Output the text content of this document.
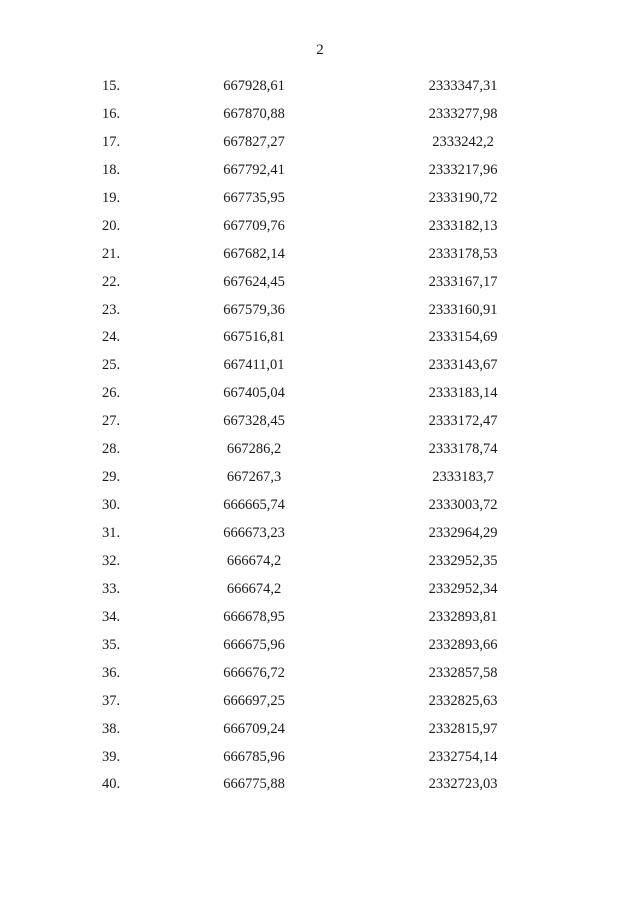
2
15.	667928,61	2333347,31
16.	667870,88	2333277,98
17.	667827,27	2333242,2
18.	667792,41	2333217,96
19.	667735,95	2333190,72
20.	667709,76	2333182,13
21.	667682,14	2333178,53
22.	667624,45	2333167,17
23.	667579,36	2333160,91
24.	667516,81	2333154,69
25.	667411,01	2333143,67
26.	667405,04	2333183,14
27.	667328,45	2333172,47
28.	667286,2	2333178,74
29.	667267,3	2333183,7
30.	666665,74	2333003,72
31.	666673,23	2332964,29
32.	666674,2	2332952,35
33.	666674,2	2332952,34
34.	666678,95	2332893,81
35.	666675,96	2332893,66
36.	666676,72	2332857,58
37.	666697,25	2332825,63
38.	666709,24	2332815,97
39.	666785,96	2332754,14
40.	666775,88	2332723,03
